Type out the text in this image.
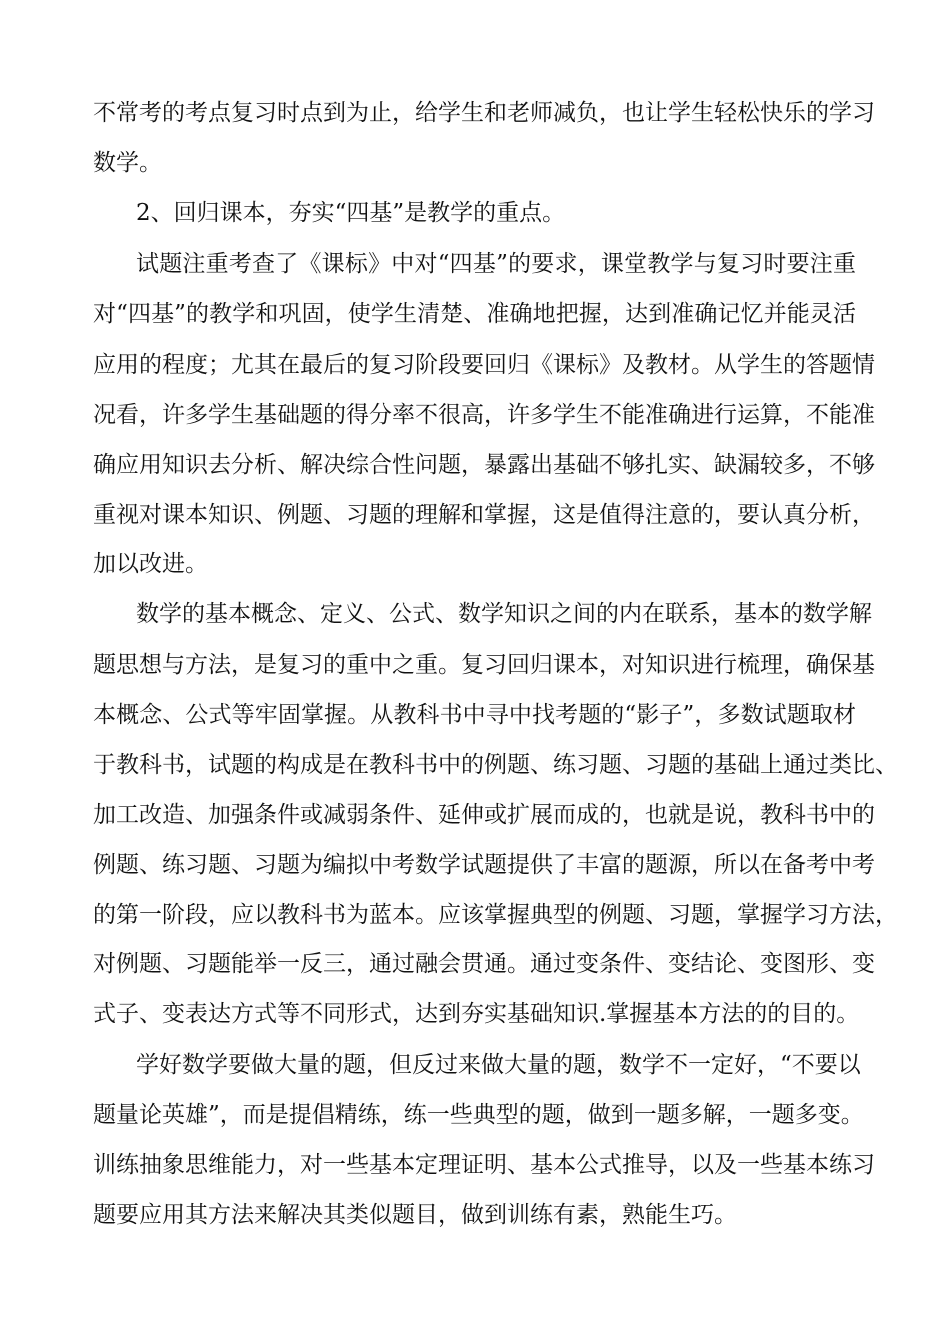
不常考的考点复习时点到为止，给学生和老师减负，也让学生轻松快乐的学习
数学。
2、回归课本，夯实“四基”是教学的重点。
试题注重考查了《课标》中对“四基”的要求，课堂教学与复习时要注重
对“四基”的教学和巩固，使学生清楚、准确地把握，达到准确记忆并能灵活
应用的程度；尤其在最后的复习阶段要回归《课标》及教材。从学生的答题情
况看，许多学生基础题的得分率不很高，许多学生不能准确进行运算，不能准
确应用知识去分析、解决综合性问题，暴露出基础不够扎实、缺漏较多，不够
重视对课本知识、例题、习题的理解和掌握，这是值得注意的，要认真分析，
加以改进。
数学的基本概念、定义、公式、数学知识之间的内在联系，基本的数学解
题思想与方法，是复习的重中之重。复习回归课本，对知识进行梳理，确保基
本概念、公式等牢固掌握。从教科书中寻中找考题的“影子”，多数试题取材
于教科书，试题的构成是在教科书中的例题、练习题、习题的基础上通过类比、
加工改造、加强条件或减弱条件、延伸或扩展而成的，也就是说，教科书中的
例题、练习题、习题为编拟中考数学试题提供了丰富的题源，所以在备考中考
的第一阶段，应以教科书为蓝本。应该掌握典型的例题、习题，掌握学习方法，
对例题、习题能举一反三，通过融会贯通。通过变条件、变结论、变图形、变
式子、变表达方式等不同形式，达到夯实基础知识.掌握基本方法的的目的。
学好数学要做大量的题，但反过来做大量的题，数学不一定好，“不要以
题量论英雄”，而是提倡精练，练一些典型的题，做到一题多解，一题多变。
训练抽象思维能力，对一些基本定理证明、基本公式推导，以及一些基本练习
题要应用其方法来解决其类似题目，做到训练有素，熟能生巧。
